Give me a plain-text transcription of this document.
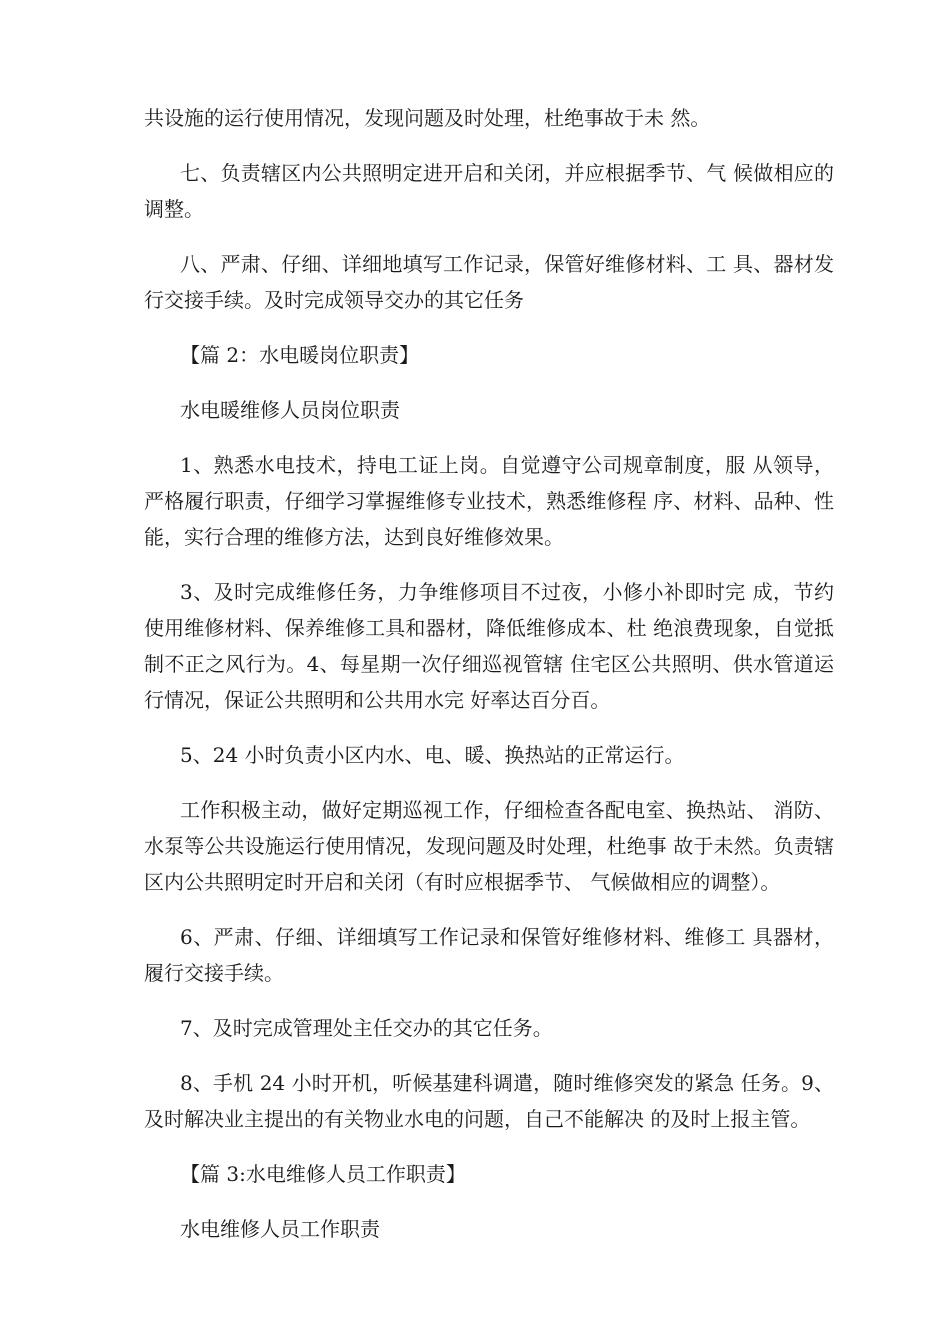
共设施的运行使用情况，发现问题及时处理，杜绝事故于未 然。

七、负责辖区内公共照明定进开启和关闭，并应根据季节、气 候做相应的调整。

八、严肃、仔细、详细地填写工作记录，保管好维修材料、工 具、器材发行交接手续。及时完成领导交办的其它任务

【篇 2：水电暖岗位职责】

水电暖维修人员岗位职责

1、熟悉水电技术，持电工证上岗。自觉遵守公司规章制度，服 从领导，严格履行职责，仔细学习掌握维修专业技术，熟悉维修程 序、材料、品种、性能，实行合理的维修方法，达到良好维修效果。

3、及时完成维修任务，力争维修项目不过夜，小修小补即时完 成，节约使用维修材料、保养维修工具和器材，降低维修成本、杜 绝浪费现象，自觉抵制不正之风行为。4、每星期一次仔细巡视管辖 住宅区公共照明、供水管道运行情况，保证公共照明和公共用水完 好率达百分百。

5、24 小时负责小区内水、电、暖、换热站的正常运行。

工作积极主动，做好定期巡视工作，仔细检查各配电室、换热站、 消防、水泵等公共设施运行使用情况，发现问题及时处理，杜绝事 故于未然。负责辖区内公共照明定时开启和关闭（有时应根据季节、 气候做相应的调整）。

6、严肃、仔细、详细填写工作记录和保管好维修材料、维修工 具器材，履行交接手续。

7、及时完成管理处主任交办的其它任务。

8、手机 24 小时开机，听候基建科调遣，随时维修突发的紧急 任务。9、及时解决业主提出的有关物业水电的问题，自己不能解决 的及时上报主管。

【篇 3:水电维修人员工作职责】

水电维修人员工作职责
